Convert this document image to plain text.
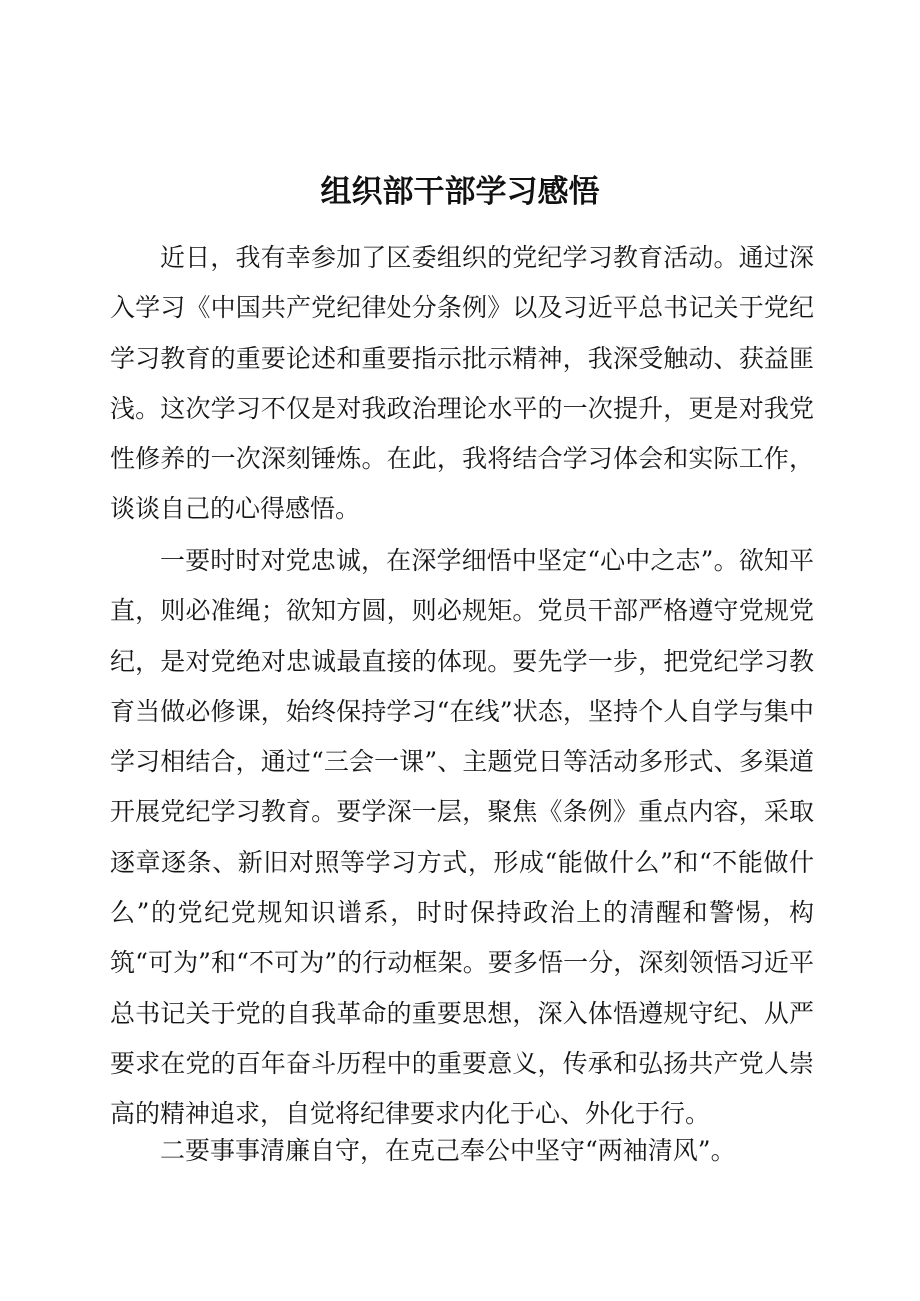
组织部干部学习感悟

近日，我有幸参加了区委组织的党纪学习教育活动。通过深入学习《中国共产党纪律处分条例》以及习近平总书记关于党纪学习教育的重要论述和重要指示批示精神，我深受触动、获益匪浅。这次学习不仅是对我政治理论水平的一次提升，更是对我党性修养的一次深刻锤炼。在此，我将结合学习体会和实际工作，谈谈自己的心得感悟。

一要时时对党忠诚，在深学细悟中坚定“心中之志”。欲知平直，则必准绳；欲知方圆，则必规矩。党员干部严格遵守党规党纪，是对党绝对忠诚最直接的体现。要先学一步，把党纪学习教育当做必修课，始终保持学习“在线”状态，坚持个人自学与集中学习相结合，通过“三会一课”、主题党日等活动多形式、多渠道开展党纪学习教育。要学深一层，聚焦《条例》重点内容，采取逐章逐条、新旧对照等学习方式，形成“能做什么”和“不能做什么”的党纪党规知识谱系，时时保持政治上的清醒和警惕，构筑“可为”和“不可为”的行动框架。要多悟一分，深刻领悟习近平总书记关于党的自我革命的重要思想，深入体悟遵规守纪、从严要求在党的百年奋斗历程中的重要意义，传承和弘扬共产党人崇高的精神追求，自觉将纪律要求内化于心、外化于行。

二要事事清廉自守，在克己奉公中坚守“两袖清风”。
